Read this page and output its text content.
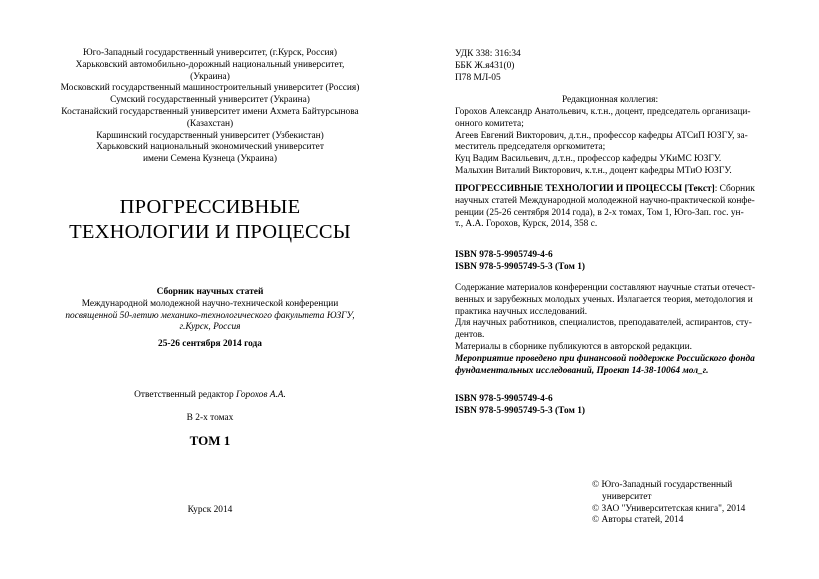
Юго-Западный государственный университет, (г.Курск, Россия)
Харьковский автомобильно-дорожный национальный университет,
(Украина)
Московский государственный машиностроительный университет (Россия)
Сумский государственный университет (Украина)
Костанайский государственный университет имени Ахмета Байтурсынова
(Казахстан)
Каршинский государственный университет (Узбекистан)
Харьковский национальный экономический университет
имени Семена Кузнеца (Украина)
ПРОГРЕССИВНЫЕ
ТЕХНОЛОГИИ И ПРОЦЕССЫ
Сборник научных статей
Международной молодежной научно-технической конференции
посвященной 50-летию механико-технологического факультета ЮЗГУ,
г.Курск, Россия
25-26 сентября 2014 года
Ответственный редактор Горохов А.А.
В 2-х томах
ТОМ 1
Курск 2014
УДК 338: 316:34
ББК Ж.я431(0)
П78 МЛ-05
Редакционная коллегия:
Горохов Александр Анатольевич, к.т.н., доцент, председатель организаци-
онного комитета;
Агеев Евгений Викторович, д.т.н., профессор кафедры АТСиП ЮЗГУ, за-
меститель председателя оргкомитета;
Куц Вадим Васильевич, д.т.н., профессор кафедры УКиМС ЮЗГУ.
Малыхин Виталий Викторович, к.т.н., доцент кафедры МТиО ЮЗГУ.
ПРОГРЕССИВНЫЕ ТЕХНОЛОГИИ И ПРОЦЕССЫ [Текст]: Сборник
научных статей Международной молодежной научно-практической конфе-
ренции (25-26 сентября 2014 года), в 2-х томах, Том 1, Юго-Зап. гос. ун-
т., А.А. Горохов, Курск, 2014, 358 с.
ISBN 978-5-9905749-4-6
ISBN 978-5-9905749-5-3 (Том 1)
Содержание материалов конференции составляют научные статьи отечест-
венных и зарубежных молодых ученых. Излагается теория, методология и
практика научных исследований.
Для научных работников, специалистов, преподавателей, аспирантов, сту-
дентов.
Материалы в сборнике публикуются в авторской редакции.
Мероприятие проведено при финансовой поддержке Российского фонда
фундаментальных исследований, Проект 14-38-10064 мол_г.
ISBN 978-5-9905749-4-6
ISBN 978-5-9905749-5-3 (Том 1)
© Юго-Западный государственный
университет
© ЗАО "Университетская книга", 2014
© Авторы статей, 2014
